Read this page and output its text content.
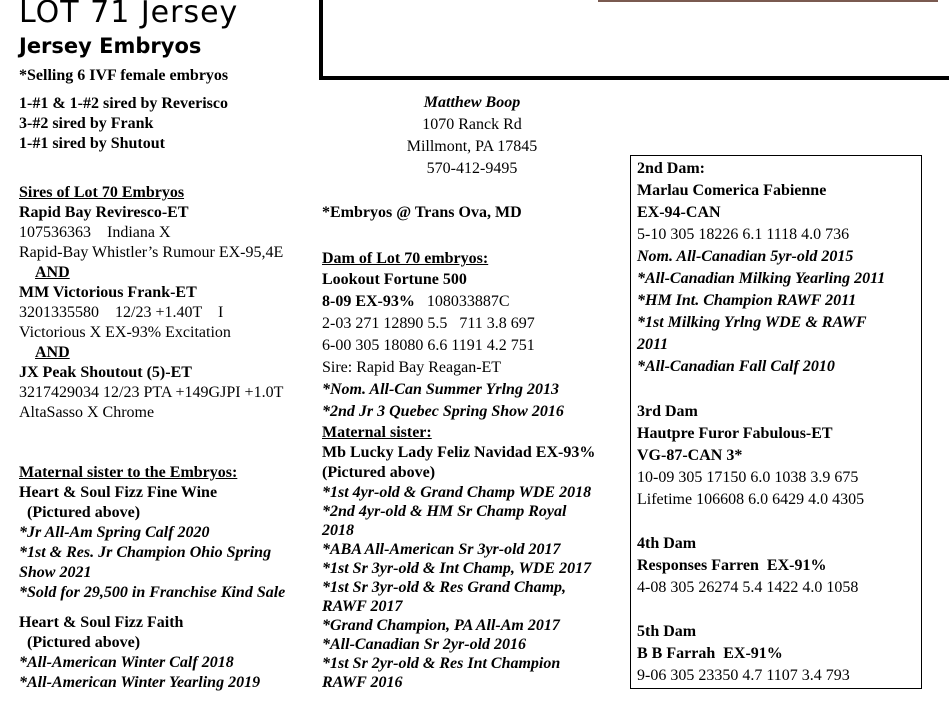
LOT 71 Jersey
Jersey Embryos
*Selling 6 IVF female embryos
1-#1 & 1-#2 sired by Reverisco
3-#2 sired by Frank
1-#1 sired by Shutout
Matthew Boop
1070 Ranck Rd
Millmont, PA 17845
570-412-9495
Sires of Lot 70 Embryos
Rapid Bay Reviresco-ET
107536363    Indiana X
Rapid-Bay Whistler’s Rumour EX-95,4E
AND
MM Victorious Frank-ET
3201335580    12/23 +1.40T    I
Victorious X EX-93% Excitation
AND
JX Peak Shoutout (5)-ET
3217429034 12/23 PTA +149GJPI +1.0T
AltaSasso X Chrome
Maternal sister to the Embryos:
Heart & Soul Fizz Fine Wine
(Pictured above)
*Jr All-Am Spring Calf 2020
*1st & Res. Jr Champion Ohio Spring
Show 2021
*Sold for 29,500 in Franchise Kind Sale
Heart & Soul Fizz Faith
(Pictured above)
*All-American Winter Calf 2018
*All-American Winter Yearling 2019
*Embryos @ Trans Ova, MD
Dam of Lot 70 embryos:
Lookout Fortune 500
8-09 EX-93% 108033887C
2-03 271 12890 5.5   711 3.8 697
6-00 305 18080 6.6 1191 4.2 751
Sire: Rapid Bay Reagan-ET
*Nom. All-Can Summer Yrlng 2013
*2nd Jr 3 Quebec Spring Show 2016
Maternal sister:
Mb Lucky Lady Feliz Navidad EX-93%
(Pictured above)
*1st 4yr-old & Grand Champ WDE 2018
*2nd 4yr-old & HM Sr Champ Royal
2018
*ABA All-American Sr 3yr-old 2017
*1st Sr 3yr-old & Int Champ, WDE 2017
*1st Sr 3yr-old & Res Grand Champ,
RAWF 2017
*Grand Champion, PA All-Am 2017
*All-Canadian Sr 2yr-old 2016
*1st Sr 2yr-old & Res Int Champion
RAWF 2016
2nd Dam:
Marlau Comerica Fabienne
EX-94-CAN
5-10 305 18226 6.1 1118 4.0 736
Nom. All-Canadian 5yr-old 2015
*All-Canadian Milking Yearling 2011
*HM Int. Champion RAWF 2011
*1st Milking Yrlng WDE & RAWF
2011
*All-Canadian Fall Calf 2010
3rd Dam
Hautpre Furor Fabulous-ET
VG-87-CAN 3*
10-09 305 17150 6.0 1038 3.9 675
Lifetime 106608 6.0 6429 4.0 4305
4th Dam
Responses Farren  EX-91%
4-08 305 26274 5.4 1422 4.0 1058
5th Dam
B B Farrah  EX-91%
9-06 305 23350 4.7 1107 3.4 793
